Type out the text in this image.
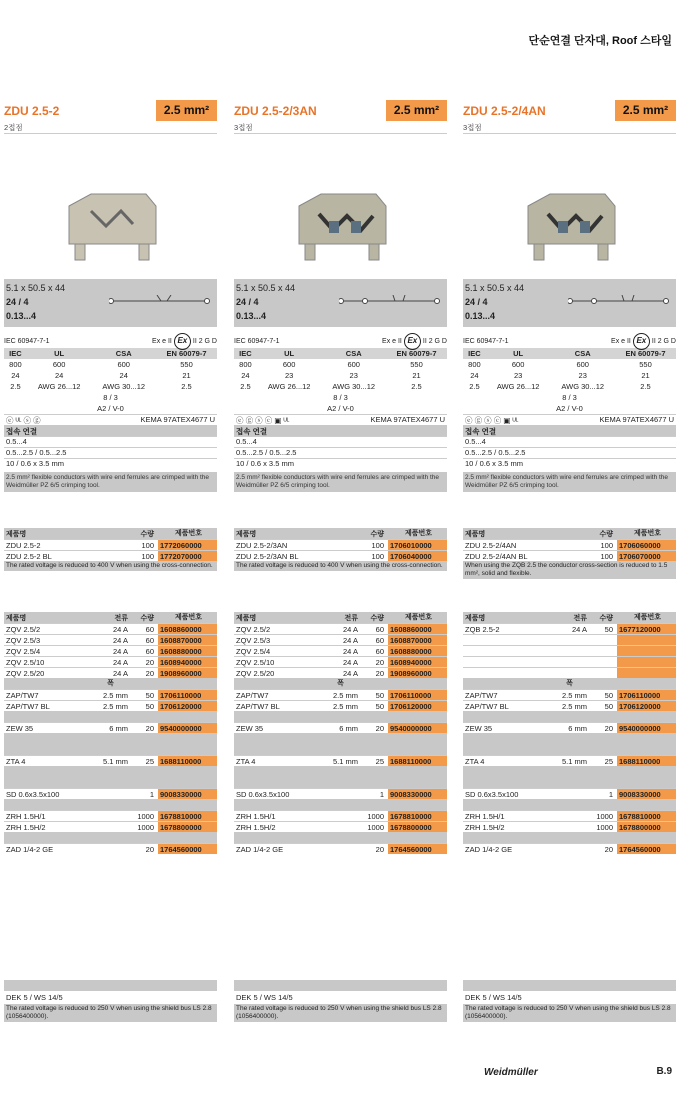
단순연결 단자대, Roof 스타일
ZDU 2.5-2	2.5 mm²
2접점
5.1 x 50.5 x 44
24 / 4
0.13...4
IEC 60947-7-1	Ex e II Ex II 2 G D
IEC	UL	CSA	EN 60079-7
800	600	600	550
24	24	24	21
2.5	AWG 26...12	AWG 30...12	2.5
8 / 3			
A2 / V-0			
ⓔ ᵁᴸ ⓢ ⓖ	KEMA 97ATEX4677 U
접속 연결
0.5...4
0.5...2.5 / 0.5...2.5
10 / 0.6 x 3.5 mm
2.5 mm² flexible conductors with wire end ferrules are crimped with the Weidmüller PZ 6/5 crimping tool.
제품명	수량	제품번호
ZDU 2.5-2	100 1772060000
ZDU 2.5-2 BL	100 1772070000
The rated voltage is reduced to 400 V when using the cross-connection.
제품명	전류	수량	제품번호
ZQV 2.5/2	24 A	60 1608860000
ZQV 2.5/3	24 A	60 1608870000
ZQV 2.5/4	24 A	60 1608880000
ZQV 2.5/10	24 A	20 1608940000
ZQV 2.5/20	24 A	20 1908960000
폭
ZAP/TW7	2.5 mm	50 1706110000
ZAP/TW7 BL	2.5 mm	50 1706120000
ZEW 35	6 mm	20 9540000000
ZTA 4	5.1 mm	25 1688110000
SD 0.6x3.5x100	1 9008330000
ZRH 1.5H/1	1000 1678810000
ZRH 1.5H/2	1000 1678800000
ZAD 1/4-2 GE	20 1764560000
DEK 5 / WS 14/5
The rated voltage is reduced to 250 V when using the shield bus LS 2.8 (1056400000).
ZDU 2.5-2/3AN	2.5 mm²
3접점
5.1 x 50.5 x 44
24 / 4
0.13...4
IEC 60947-7-1	Ex e II Ex II 2 G D
IEC	UL	CSA	EN 60079-7
800	600	600	550
24	23	23	21
2.5	AWG 26...12	AWG 30...12	2.5
8 / 3			
A2 / V-0			
ⓔ ⓖ ⓢ ⓒ ▣ ᵁᴸ	KEMA 97ATEX4677 U
접속 연결
0.5...4
0.5...2.5 / 0.5...2.5
10 / 0.6 x 3.5 mm
2.5 mm² flexible conductors with wire end ferrules are crimped with the Weidmüller PZ 6/5 crimping tool.
제품명	수량	제품번호
ZDU 2.5-2/3AN	100 1706010000
ZDU 2.5-2/3AN BL	100 1706040000
The rated voltage is reduced to 400 V when using the cross-connection.
제품명	전류	수량	제품번호
ZQV 2.5/2	24 A	60 1608860000
ZQV 2.5/3	24 A	60 1608870000
ZQV 2.5/4	24 A	60 1608880000
ZQV 2.5/10	24 A	20 1608940000
ZQV 2.5/20	24 A	20 1908960000
폭
ZAP/TW7	2.5 mm	50 1706110000
ZAP/TW7 BL	2.5 mm	50 1706120000
ZEW 35	6 mm	20 9540000000
ZTA 4	5.1 mm	25 1688110000
SD 0.6x3.5x100	1 9008330000
ZRH 1.5H/1	1000 1678810000
ZRH 1.5H/2	1000 1678800000
ZAD 1/4-2 GE	20 1764560000
DEK 5 / WS 14/5
The rated voltage is reduced to 250 V when using the shield bus LS 2.8 (1056400000).
ZDU 2.5-2/4AN	2.5 mm²
3접점
5.1 x 50.5 x 44
24 / 4
0.13...4
IEC 60947-7-1	Ex e II Ex II 2 G D
IEC	UL	CSA	EN 60079-7
800	600	600	550
24	23	23	21
2.5	AWG 26...12	AWG 30...12	2.5
8 / 3			
A2 / V-0			
ⓔ ⓖ ⓢ ⓒ ▣ ᵁᴸ	KEMA 97ATEX4677 U
접속 연결
0.5...4
0.5...2.5 / 0.5...2.5
10 / 0.6 x 3.5 mm
2.5 mm² flexible conductors with wire end ferrules are crimped with the Weidmüller PZ 6/5 crimping tool.
제품명	수량	제품번호
ZDU 2.5-2/4AN	100 1706060000
ZDU 2.5-2/4AN BL	100 1706070000
When using the ZQB 2.5 the conductor cross-section is reduced to 1.5 mm², solid and flexible.
제품명	전류	수량	제품번호
ZQB 2.5-2	24 A	50 1677120000
폭
ZAP/TW7	2.5 mm	50 1706110000
ZAP/TW7 BL	2.5 mm	50 1706120000
ZEW 35	6 mm	20 9540000000
ZTA 4	5.1 mm	25 1688110000
SD 0.6x3.5x100	1 9008330000
ZRH 1.5H/1	1000 1678810000
ZRH 1.5H/2	1000 1678800000
ZAD 1/4-2 GE	20 1764560000
DEK 5 / WS 14/5
The rated voltage is reduced to 250 V when using the shield bus LS 2.8 (1056400000).
Weidmüller	B.9
